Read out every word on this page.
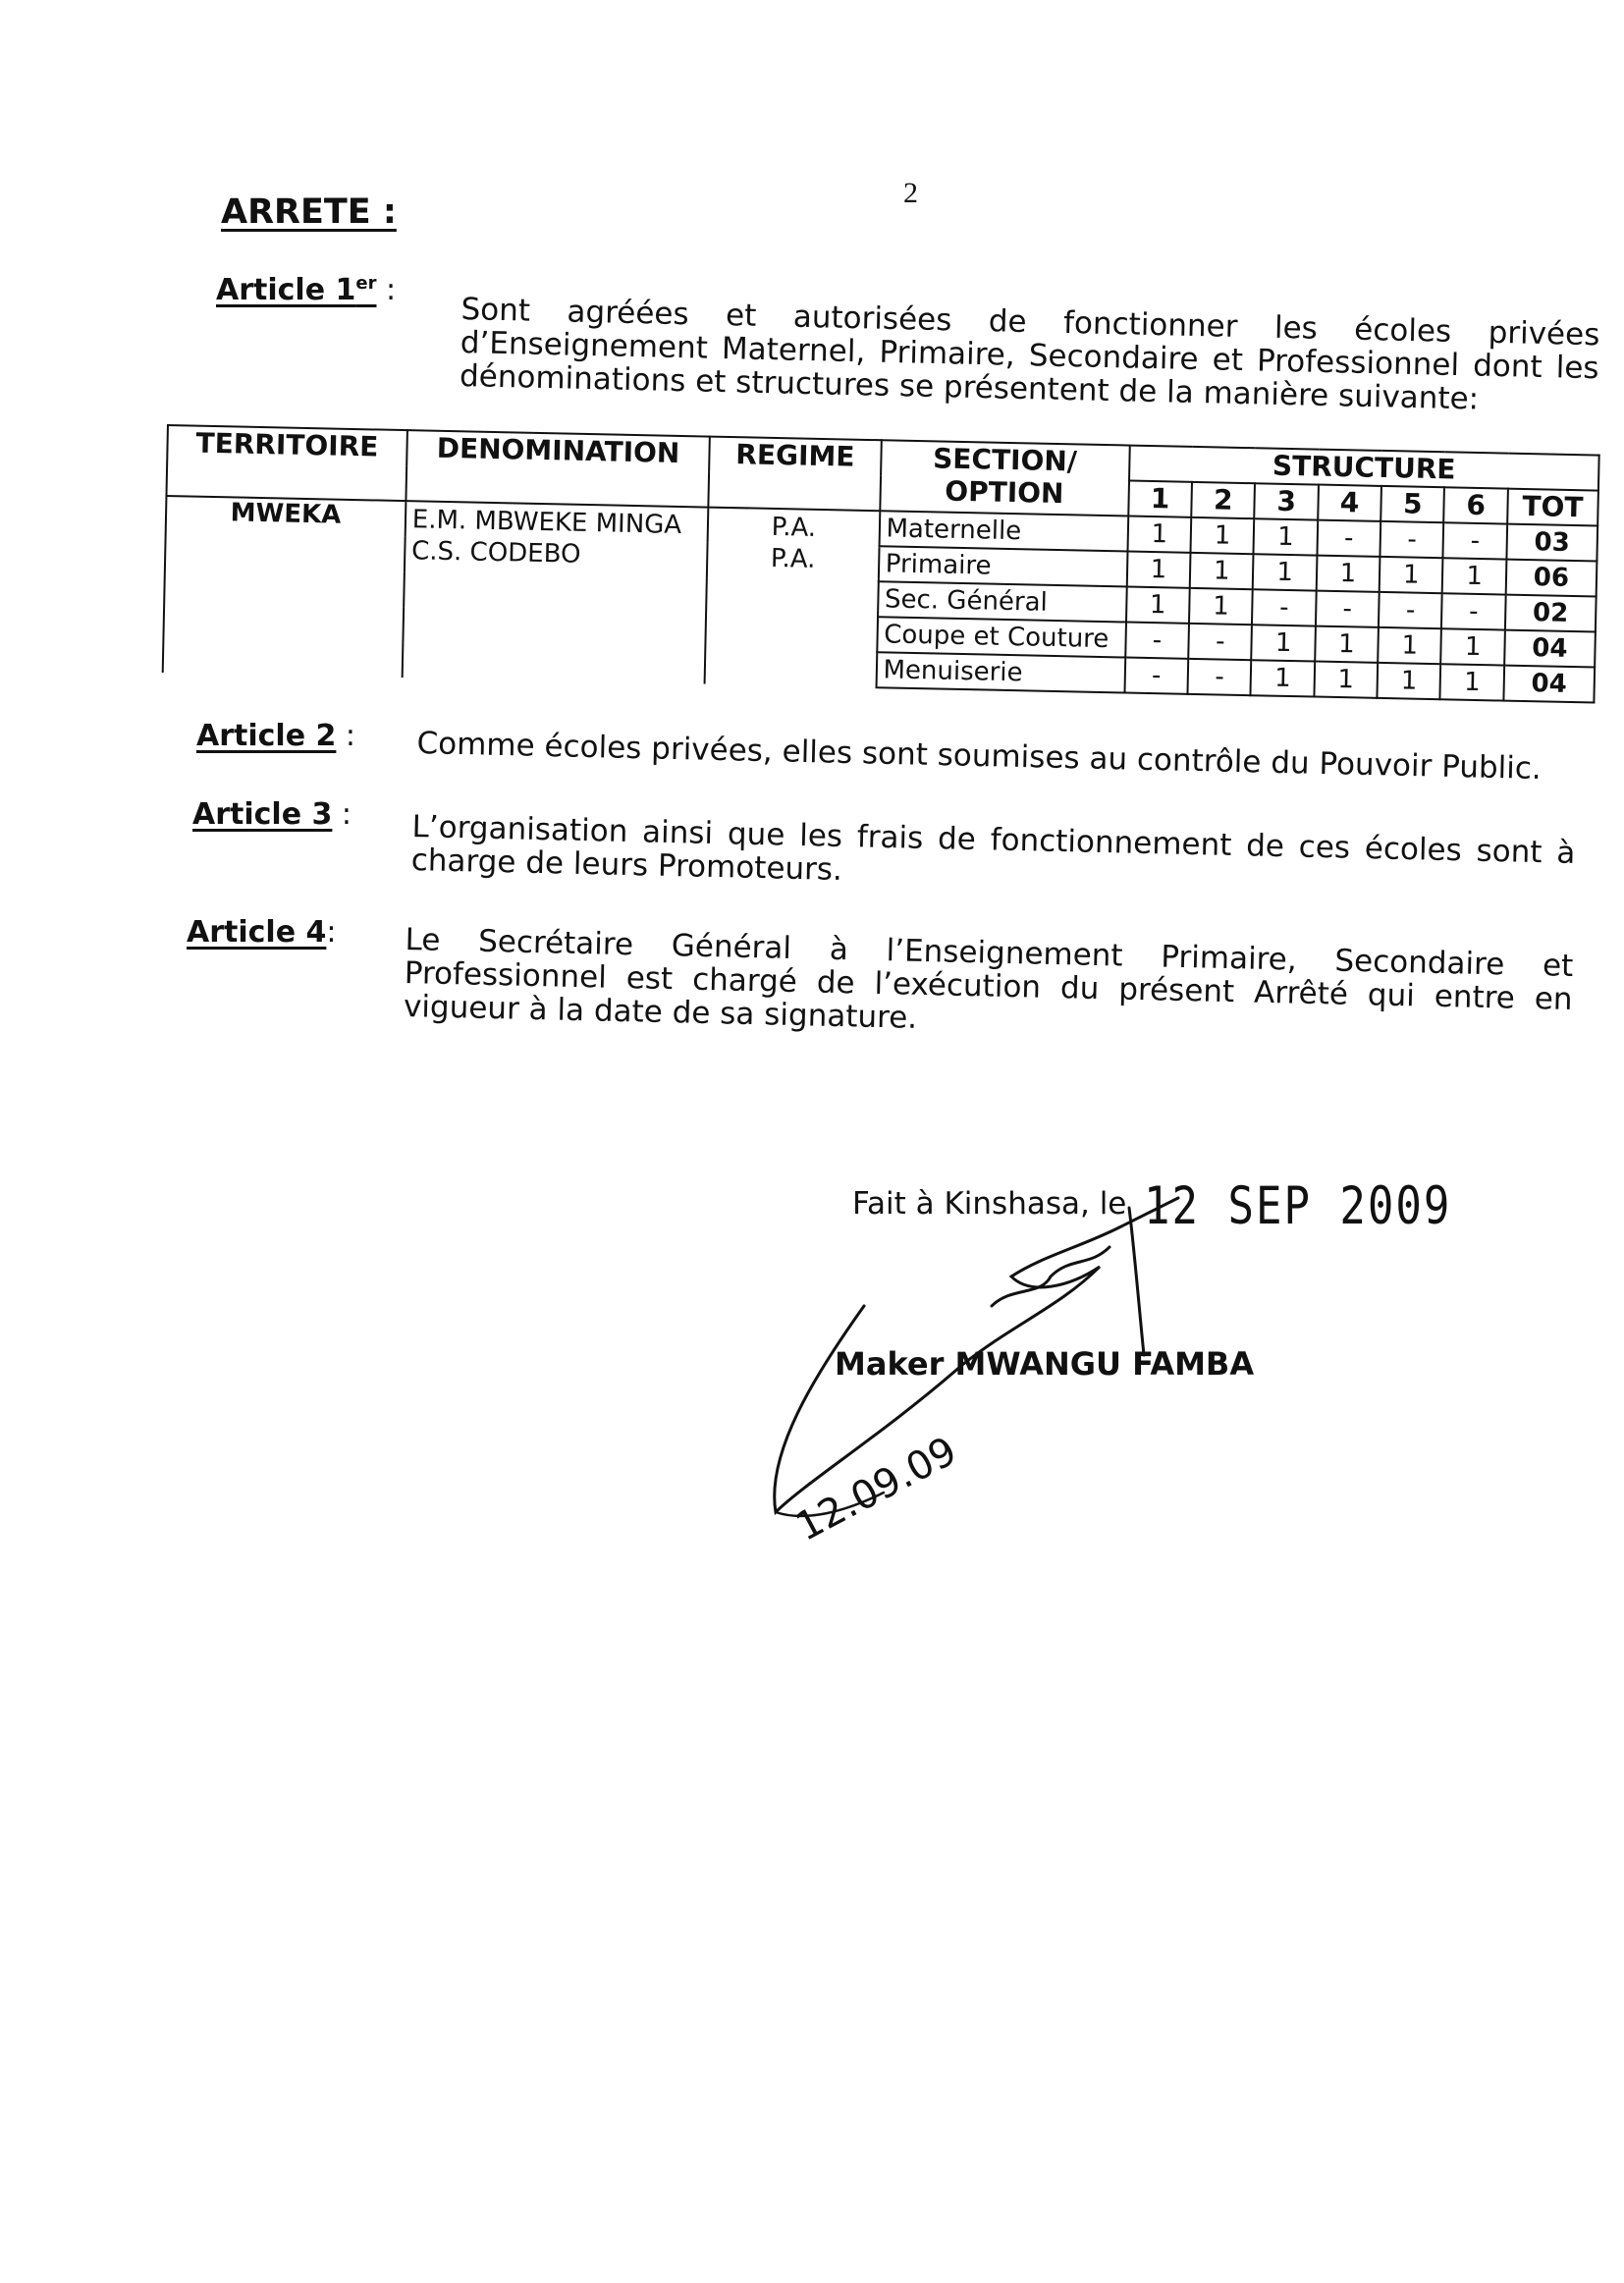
2
ARRETE :
Article 1er :
Sont agréées et autorisées de fonctionner les écoles privées d’Enseignement Maternel, Primaire, Secondaire et Professionnel dont les dénominations et structures se présentent de la manière suivante:
TERRITOIRE	DENOMINATION	REGIME	SECTION/ OPTION	STRUCTURE						
				1	2	3	4	5	6	TOT
MWEKA	E.M. MBWEKE MINGA	P.A.	Maternelle	1	1	1	-	-	-	03
	C.S. CODEBO	P.A.	Primaire	1	1	1	1	1	1	06
			Sec. Général	1	1	-	-	-	-	02
			Coupe et Couture	-	-	1	1	1	1	04
			Menuiserie	-	-	1	1	1	1	04
Article 2 : Comme écoles privées, elles sont soumises au contrôle du Pouvoir Public.
Article 3 : L’organisation ainsi que les frais de fonctionnement de ces écoles sont à charge de leurs Promoteurs.
Article 4: Le Secrétaire Général à l’Enseignement Primaire, Secondaire et Professionnel est chargé de l’exécution du présent Arrêté qui entre en vigueur à la date de sa signature.
Fait à Kinshasa, le 12 SEP 2009
Maker MWANGU FAMBA
12.09.09
